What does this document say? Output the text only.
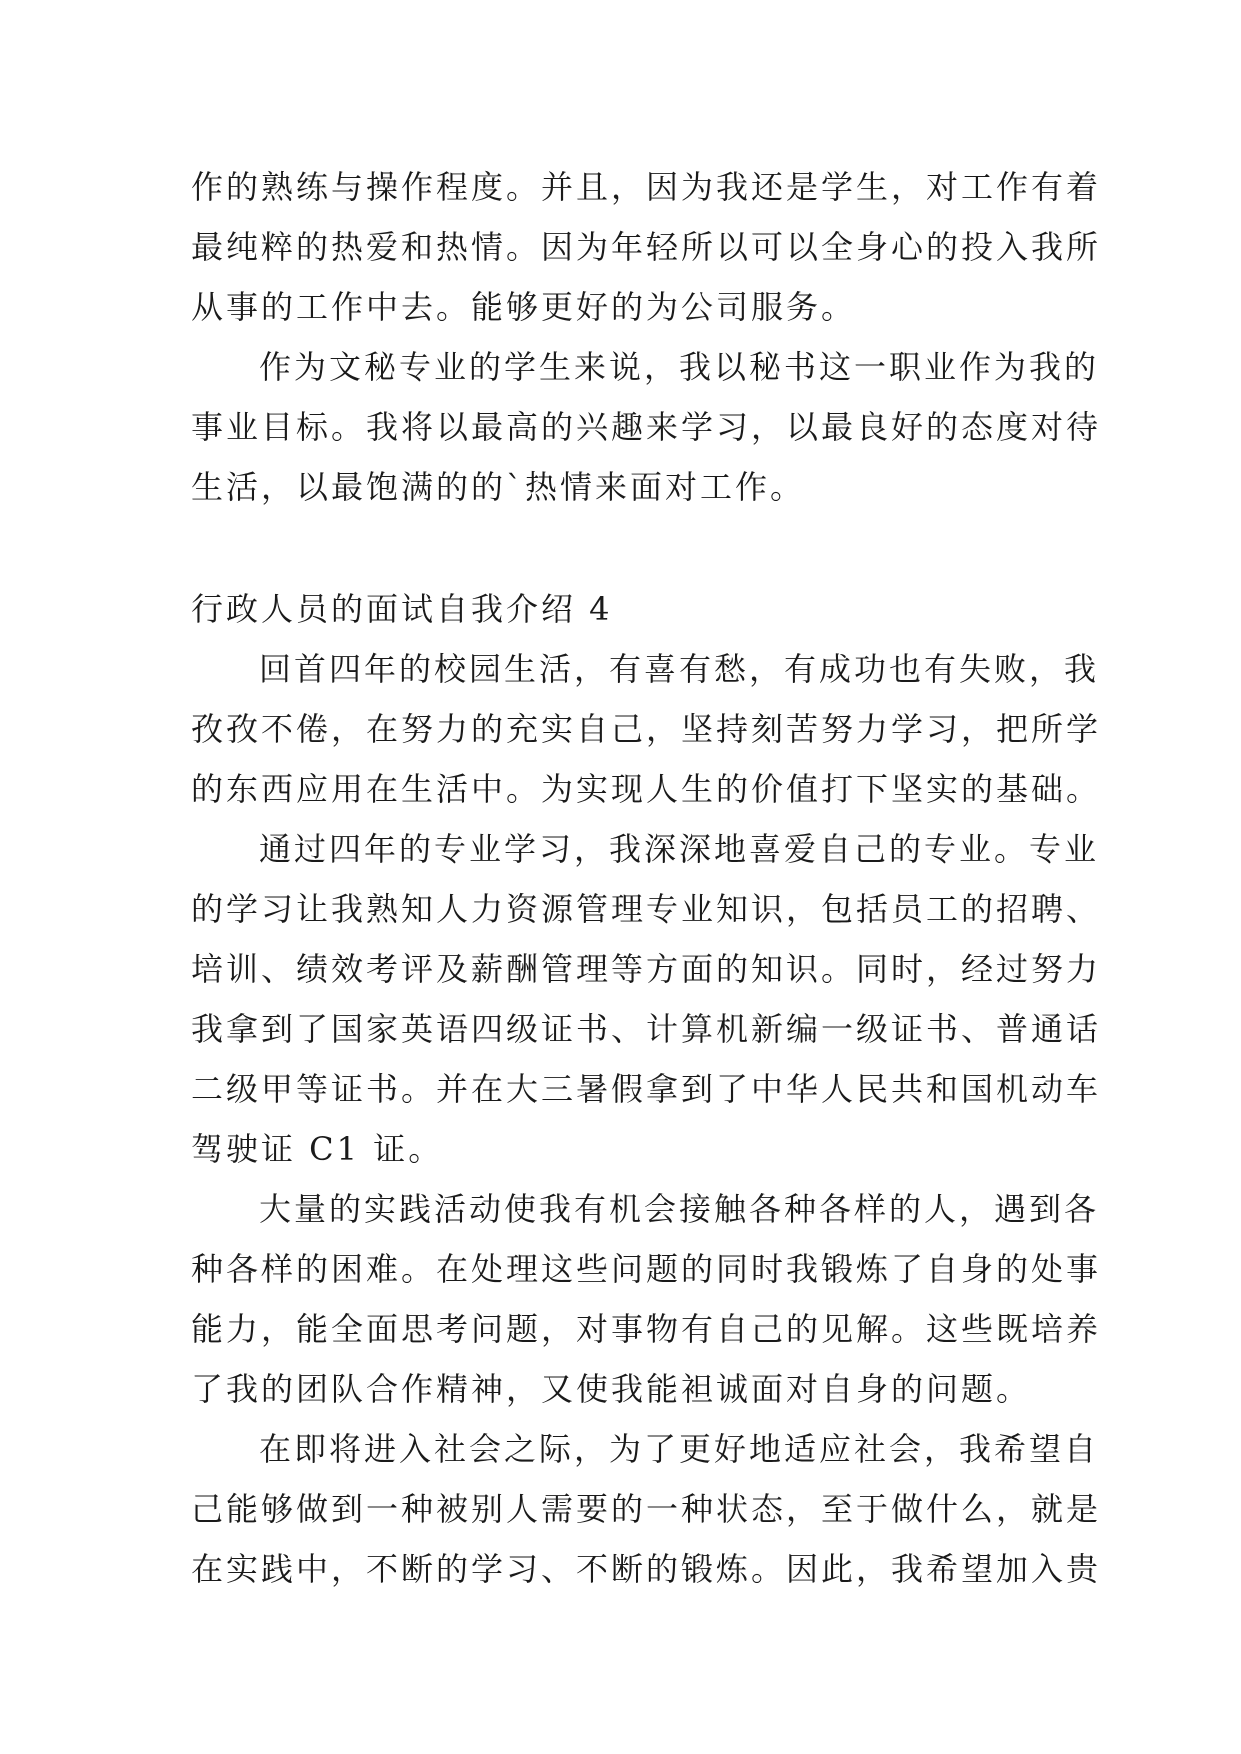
作的熟练与操作程度。并且，因为我还是学生，对工作有着
最纯粹的热爱和热情。因为年轻所以可以全身心的投入我所
从事的工作中去。能够更好的为公司服务。
作为文秘专业的学生来说，我以秘书这一职业作为我的
事业目标。我将以最高的兴趣来学习，以最良好的态度对待
生活，以最饱满的的`热情来面对工作。
行政人员的面试自我介绍 4
回首四年的校园生活，有喜有愁，有成功也有失败，我
孜孜不倦，在努力的充实自己，坚持刻苦努力学习，把所学
的东西应用在生活中。为实现人生的价值打下坚实的基础。
通过四年的专业学习，我深深地喜爱自己的专业。专业
的学习让我熟知人力资源管理专业知识，包括员工的招聘、
培训、绩效考评及薪酬管理等方面的知识。同时，经过努力
我拿到了国家英语四级证书、计算机新编一级证书、普通话
二级甲等证书。并在大三暑假拿到了中华人民共和国机动车
驾驶证 C1 证。
大量的实践活动使我有机会接触各种各样的人，遇到各
种各样的困难。在处理这些问题的同时我锻炼了自身的处事
能力，能全面思考问题，对事物有自己的见解。这些既培养
了我的团队合作精神，又使我能袒诚面对自身的问题。
在即将进入社会之际，为了更好地适应社会，我希望自
己能够做到一种被别人需要的一种状态，至于做什么，就是
在实践中，不断的学习、不断的锻炼。因此，我希望加入贵
